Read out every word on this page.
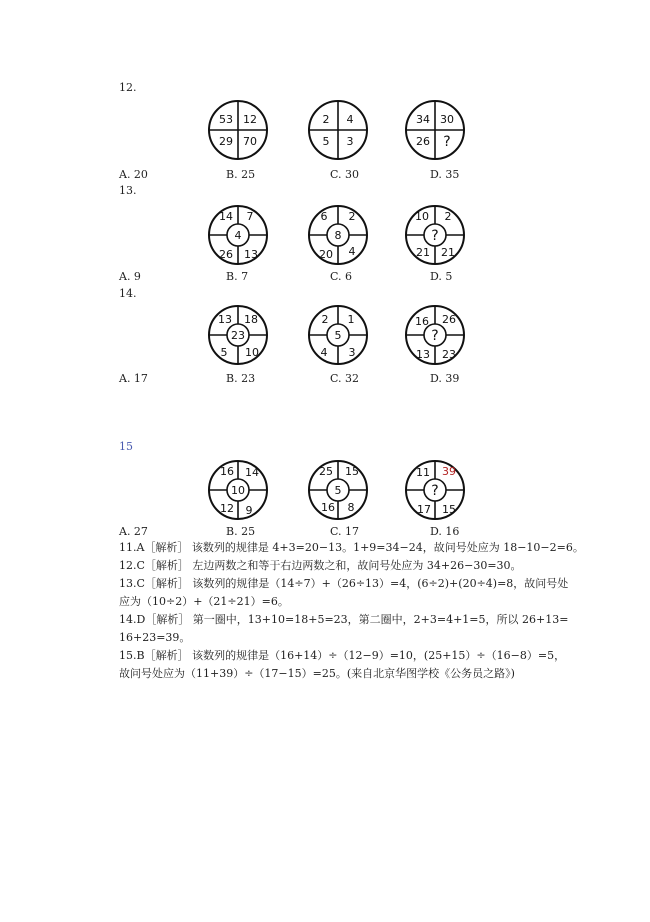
12.
53 12
29 70
2 4
5 3
34 30
26 ?
A. 20	B. 25	C. 30	D. 35
13.
14 7
26 13
4
6 2
20 4
8
10 2
21 21
?
A. 9	B. 7	C. 6	D. 5
14.
13 18
5 10
23
2 1
4 3
5
16 26
13 23
?
A. 17	B. 23	C. 32	D. 39
15
16 14
12 9
10
25 15
16 8
5
11 39
17 15
?
A. 27	B. 25	C. 17	D. 16
11.A［解析］ 该数列的规律是 4+3=20−13。1+9=34−24，故问号处应为 18−10−2=6。
12.C［解析］ 左边两数之和等于右边两数之和，故问号处应为 34+26−30=30。
13.C［解析］ 该数列的规律是（14÷7）+（26÷13）=4，(6÷2)+(20÷4)=8，故问号处
应为（10÷2）+（21÷21）=6。
14.D［解析］ 第一圈中，13+10=18+5=23，第二圈中，2+3=4+1=5，所以 26+13=
16+23=39。
15.B［解析］ 该数列的规律是（16+14）÷（12−9）=10，(25+15）÷（16−8）=5，
故问号处应为（11+39）÷（17−15）=25。(来自北京华图学校《公务员之路》)
